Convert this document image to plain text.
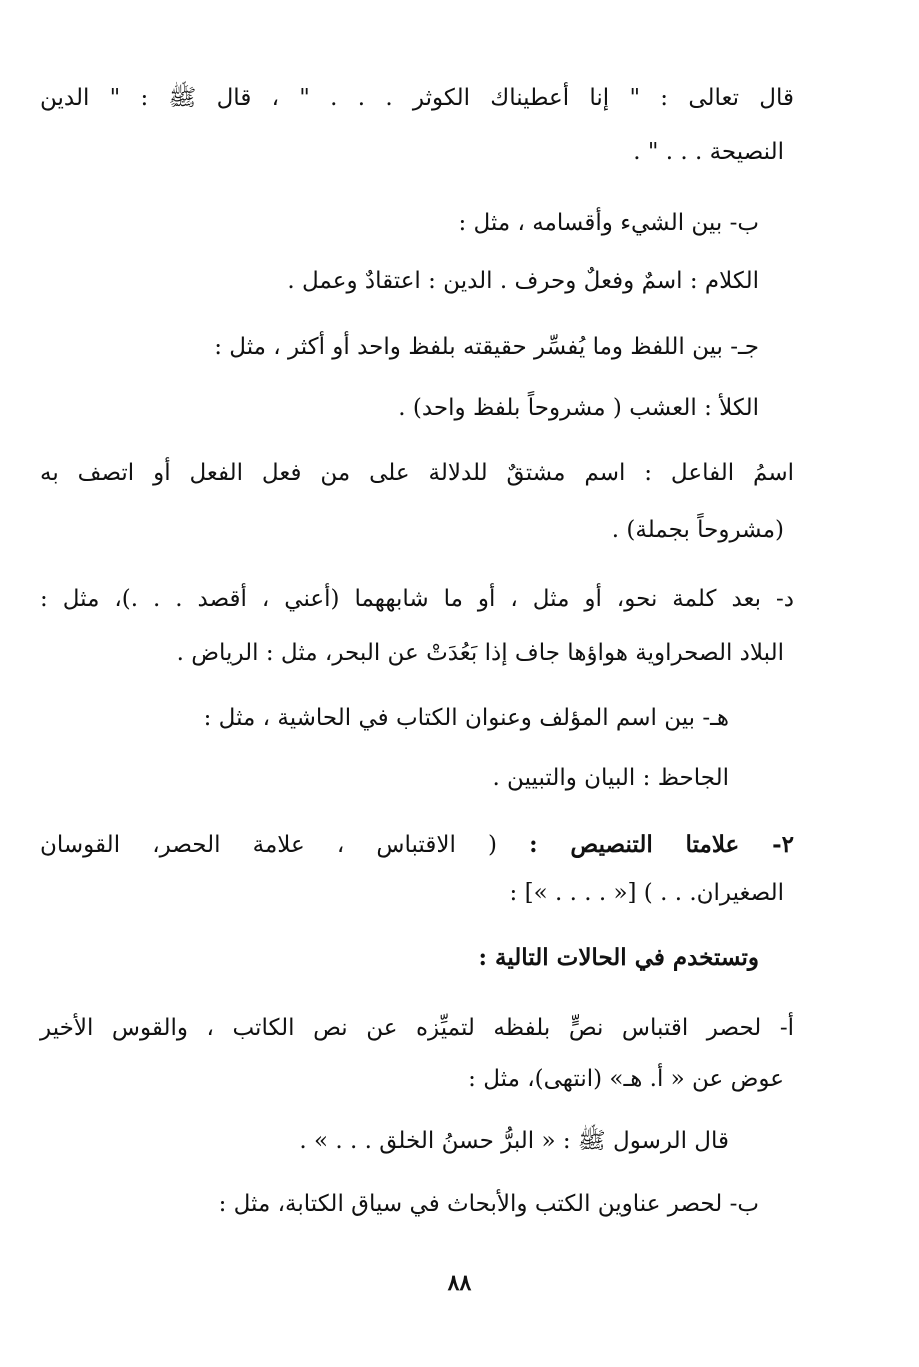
قال تعالى : " إنا أعطيناك الكوثر . . . " ، قال ﷺ : " الدين
النصيحة . . . " .
ب- بين الشيء وأقسامه ، مثل :
الكلام : اسمٌ وفعلٌ وحرف . الدين : اعتقادٌ وعمل .
جـ- بين اللفظ وما يُفسِّر حقيقته بلفظ واحد أو أكثر ، مثل :
الكلأ : العشب ( مشروحاً بلفظ واحد) .
اسمُ الفاعل : اسم مشتقٌ للدلالة على من فعل الفعل أو اتصف به
(مشروحاً بجملة) .
د- بعد كلمة نحو، أو مثل ، أو ما شابههما (أعني ، أقصد . . .)، مثل :
البلاد الصحراوية هواؤها جاف إذا بَعُدَتْ عن البحر، مثل : الرياض .
هـ- بين اسم المؤلف وعنوان الكتاب في الحاشية ، مثل :
الجاحظ : البيان والتبيين .
٢- علامتا التنصيص : ( الاقتباس ، علامة الحصر، القوسان
الصغيران. . . ) [« . . . . »] :
وتستخدم في الحالات التالية :
أ- لحصر اقتباس نصٍّ بلفظه لتميِّزه عن نص الكاتب ، والقوس الأخير
عوض عن « أ. هـ» (انتهى)، مثل :
قال الرسول ﷺ : « البرُّ حسنُ الخلق . . . » .
ب- لحصر عناوين الكتب والأبحاث في سياق الكتابة، مثل :
٨٨
